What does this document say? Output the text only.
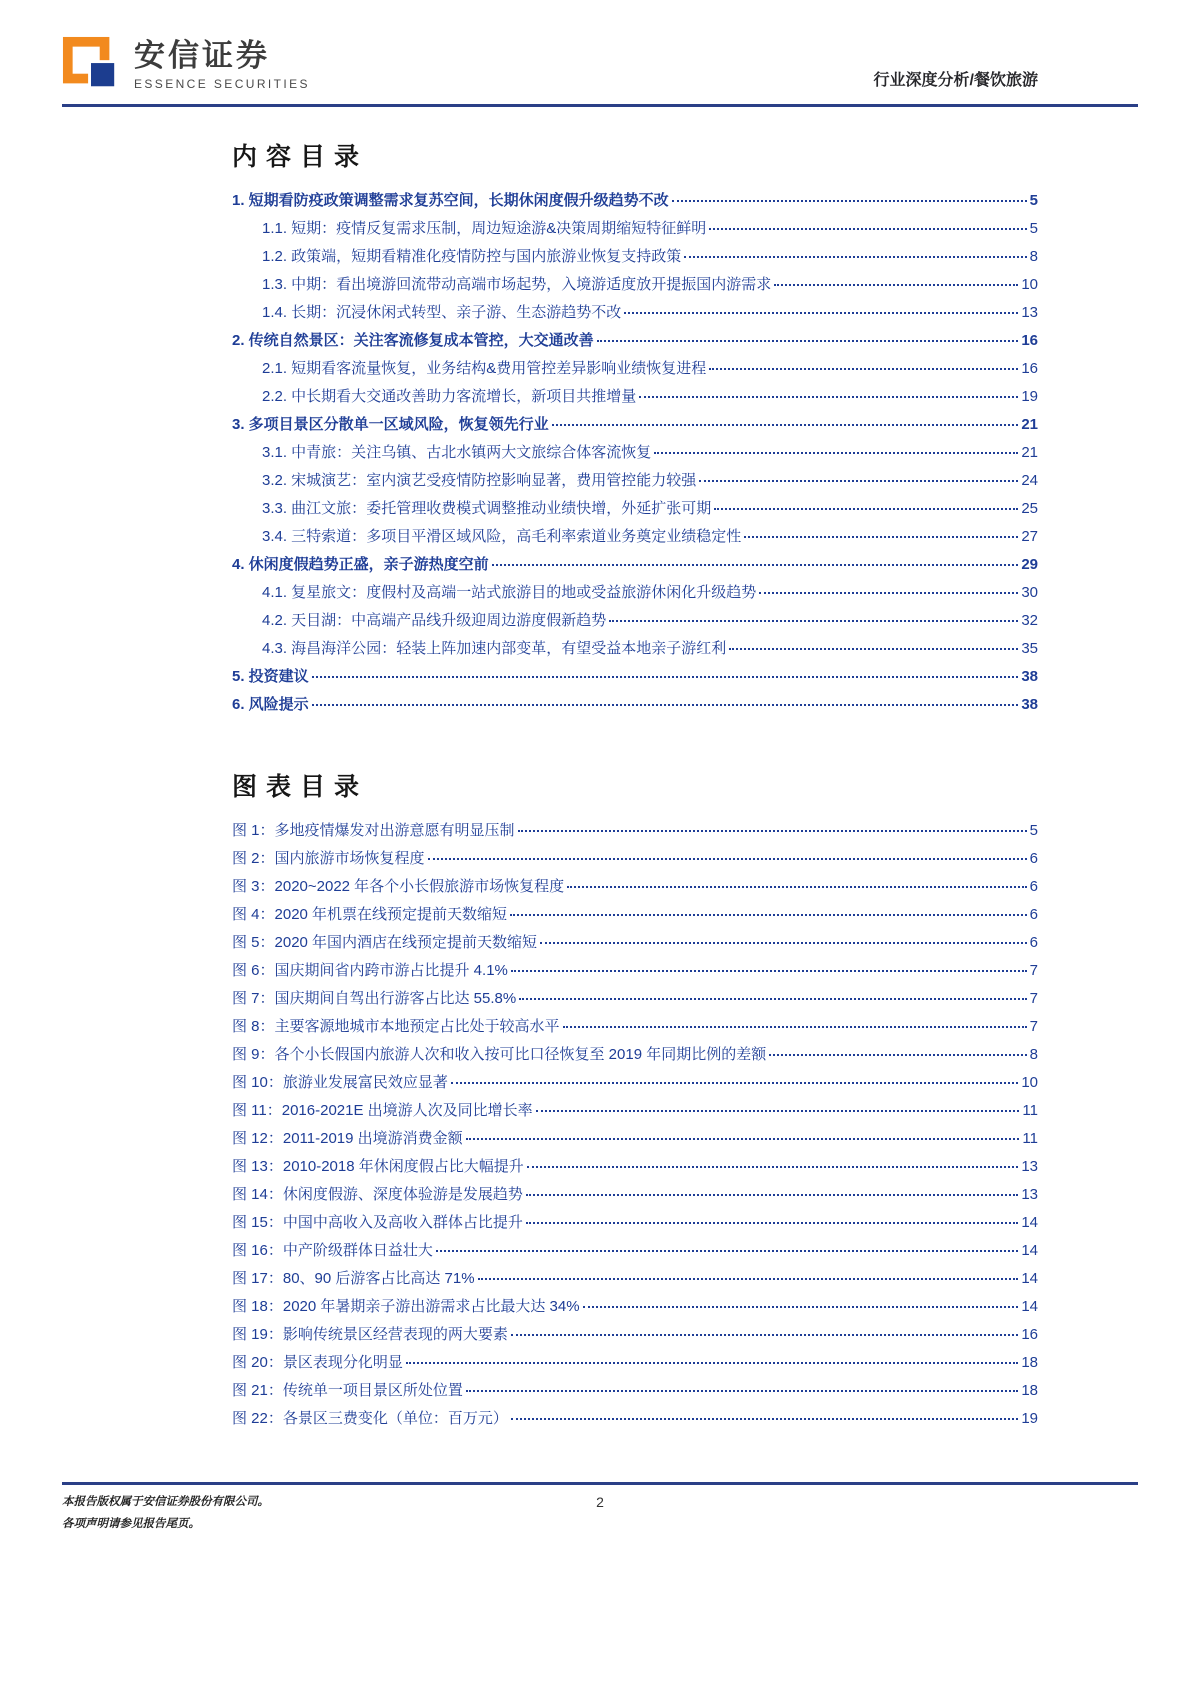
安信证券
ESSENCE SECURITIES	行业深度分析/餐饮旅游
内容目录
1. 短期看防疫政策调整需求复苏空间，长期休闲度假升级趋势不改	5
1.1. 短期：疫情反复需求压制，周边短途游&决策周期缩短特征鲜明	5
1.2. 政策端，短期看精准化疫情防控与国内旅游业恢复支持政策	8
1.3. 中期：看出境游回流带动高端市场起势，入境游适度放开提振国内游需求	10
1.4. 长期：沉浸休闲式转型、亲子游、生态游趋势不改	13
2. 传统自然景区：关注客流修复成本管控，大交通改善	16
2.1. 短期看客流量恢复，业务结构&费用管控差异影响业绩恢复进程	16
2.2. 中长期看大交通改善助力客流增长，新项目共推增量	19
3. 多项目景区分散单一区域风险，恢复领先行业	21
3.1. 中青旅：关注乌镇、古北水镇两大文旅综合体客流恢复	21
3.2. 宋城演艺：室内演艺受疫情防控影响显著，费用管控能力较强	24
3.3. 曲江文旅：委托管理收费模式调整推动业绩快增，外延扩张可期	25
3.4. 三特索道：多项目平滑区域风险，高毛利率索道业务奠定业绩稳定性	27
4. 休闲度假趋势正盛，亲子游热度空前	29
4.1. 复星旅文：度假村及高端一站式旅游目的地或受益旅游休闲化升级趋势	30
4.2. 天目湖：中高端产品线升级迎周边游度假新趋势	32
4.3. 海昌海洋公园：轻装上阵加速内部变革，有望受益本地亲子游红利	35
5. 投资建议	38
6. 风险提示	38
图表目录
图 1：多地疫情爆发对出游意愿有明显压制	5
图 2：国内旅游市场恢复程度	6
图 3：2020~2022 年各个小长假旅游市场恢复程度	6
图 4：2020 年机票在线预定提前天数缩短	6
图 5：2020 年国内酒店在线预定提前天数缩短	6
图 6：国庆期间省内跨市游占比提升 4.1%	7
图 7：国庆期间自驾出行游客占比达 55.8%	7
图 8：主要客源地城市本地预定占比处于较高水平	7
图 9：各个小长假国内旅游人次和收入按可比口径恢复至 2019 年同期比例的差额	8
图 10：旅游业发展富民效应显著	10
图 11：2016-2021E 出境游人次及同比增长率	11
图 12：2011-2019 出境游消费金额	11
图 13：2010-2018 年休闲度假占比大幅提升	13
图 14：休闲度假游、深度体验游是发展趋势	13
图 15：中国中高收入及高收入群体占比提升	14
图 16：中产阶级群体日益壮大	14
图 17：80、90 后游客占比高达 71%	14
图 18：2020 年暑期亲子游出游需求占比最大达 34%	14
图 19：影响传统景区经营表现的两大要素	16
图 20：景区表现分化明显	18
图 21：传统单一项目景区所处位置	18
图 22：各景区三费变化（单位：百万元）	19
本报告版权属于安信证券股份有限公司。
各项声明请参见报告尾页。
2
